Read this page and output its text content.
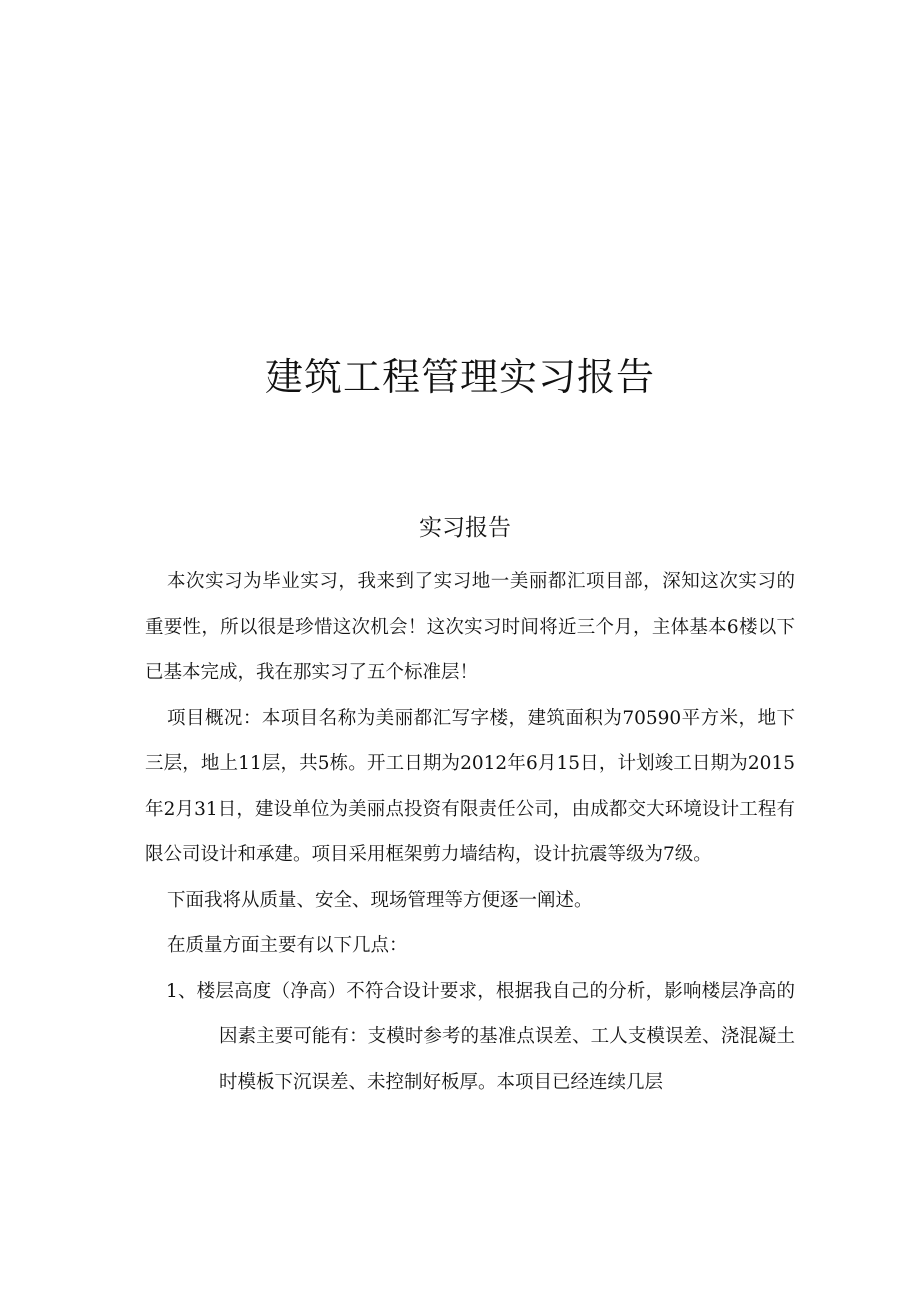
建筑工程管理实习报告
实习报告

本次实习为毕业实习，我来到了实习地一美丽都汇项目部，深知这次实习的重要性，所以很是珍惜这次机会！这次实习时间将近三个月，主体基本6楼以下已基本完成，我在那实习了五个标准层！

项目概况：本项目名称为美丽都汇写字楼，建筑面积为70590平方米，地下三层，地上11层，共5栋。开工日期为2012年6月15日，计划竣工日期为2015年2月31日，建设单位为美丽点投资有限责任公司，由成都交大环境设计工程有限公司设计和承建。项目采用框架剪力墙结构，设计抗震等级为7级。

下面我将从质量、安全、现场管理等方便逐一阐述。

在质量方面主要有以下几点：

1、楼层高度（净高）不符合设计要求，根据我自己的分析，影响楼层净高的因素主要可能有：支模时参考的基准点误差、工人支模误差、浇混凝土时模板下沉误差、未控制好板厚。本项目已经连续几层
